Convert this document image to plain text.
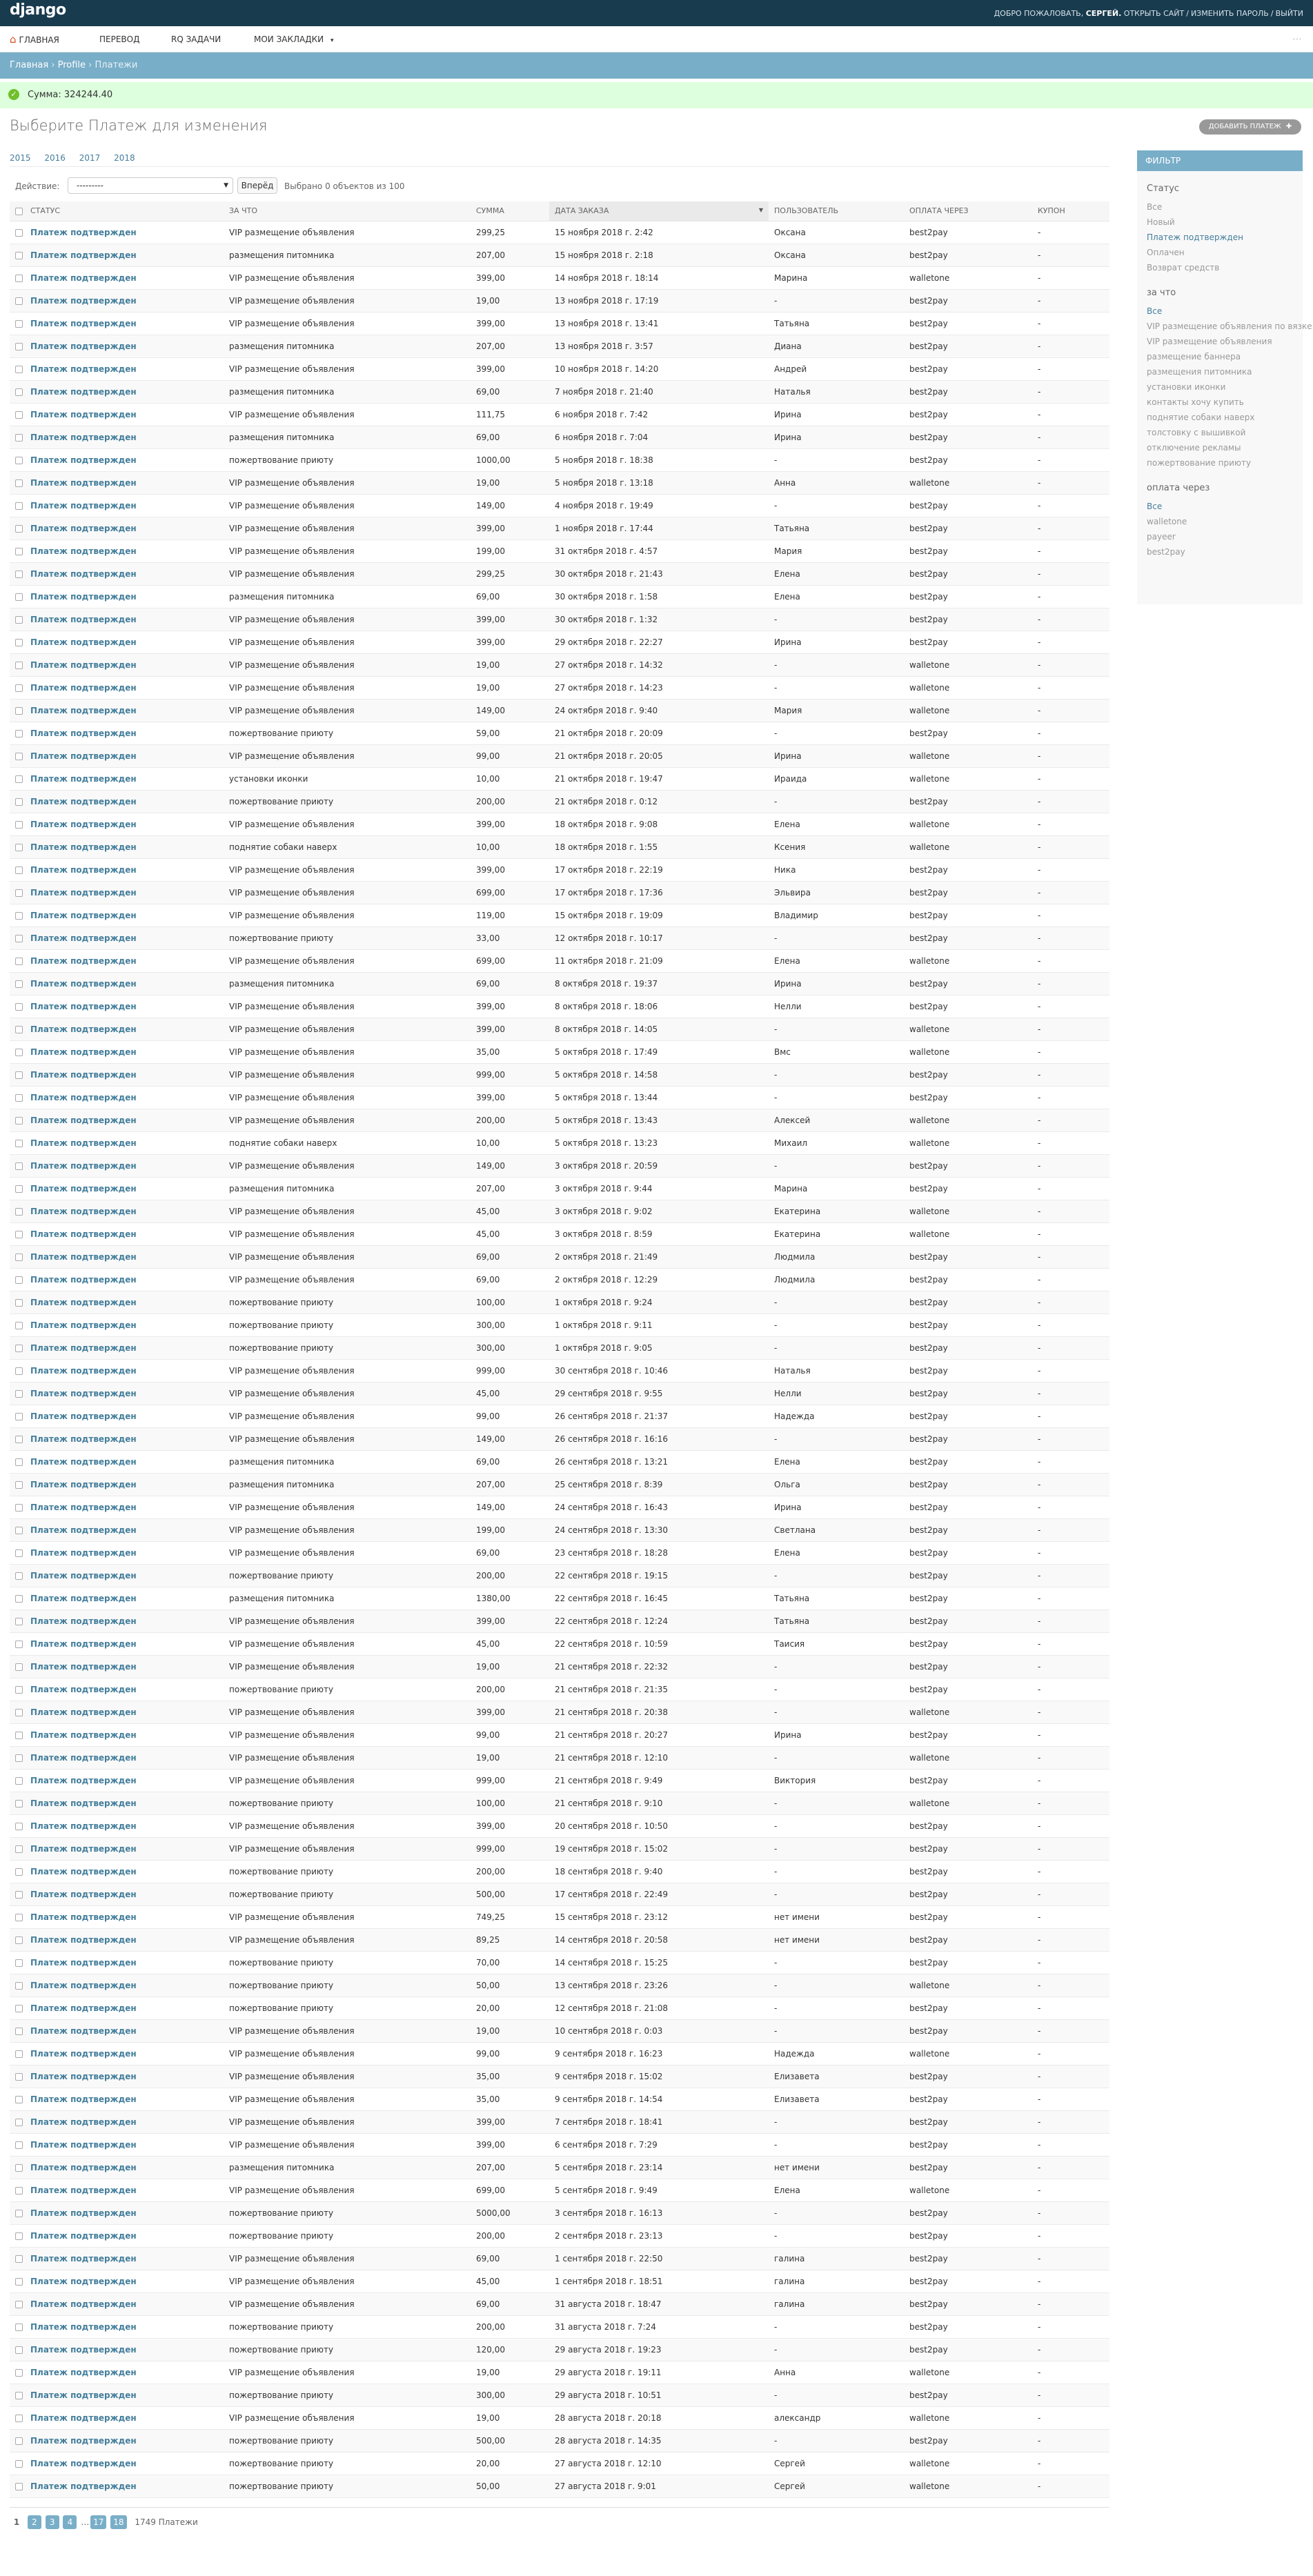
django	ДОБРО ПОЖАЛОВАТЬ, СЕРГЕЙ. ОТКРЫТЬ САЙТ / ИЗМЕНИТЬ ПАРОЛЬ / ВЫЙТИ
⌂ ГЛАВНАЯ	ПЕРЕВОД	RQ ЗАДАЧИ	МОИ ЗАКЛАДКИ ▾	⋯
Главная › Profile › Платежи
✓ Сумма: 324244.40
Выберите Платеж для изменения	ДОБАВИТЬ ПЛАТЕЖ ✚
2015 2016 2017 2018
Действие:	---------	▼	Вперёд	Выбрано 0 объектов из 100
	СТАТУС	ЗА ЧТО	СУММА	ДАТА ЗАКАЗА ▼	ПОЛЬЗОВАТЕЛЬ	ОПЛАТА ЧЕРЕЗ	КУПОН
	Платеж подтвержден	VIP размещение объявления	299,25	15 ноября 2018 г. 2:42	Оксана	best2pay	-
	Платеж подтвержден	размещения питомника	207,00	15 ноября 2018 г. 2:18	Оксана	best2pay	-
	Платеж подтвержден	VIP размещение объявления	399,00	14 ноября 2018 г. 18:14	Марина	walletone	-
	Платеж подтвержден	VIP размещение объявления	19,00	13 ноября 2018 г. 17:19	-	best2pay	-
	Платеж подтвержден	VIP размещение объявления	399,00	13 ноября 2018 г. 13:41	Татьяна	best2pay	-
	Платеж подтвержден	размещения питомника	207,00	13 ноября 2018 г. 3:57	Диана	best2pay	-
	Платеж подтвержден	VIP размещение объявления	399,00	10 ноября 2018 г. 14:20	Андрей	best2pay	-
	Платеж подтвержден	размещения питомника	69,00	7 ноября 2018 г. 21:40	Наталья	best2pay	-
	Платеж подтвержден	VIP размещение объявления	111,75	6 ноября 2018 г. 7:42	Ирина	best2pay	-
	Платеж подтвержден	размещения питомника	69,00	6 ноября 2018 г. 7:04	Ирина	best2pay	-
	Платеж подтвержден	пожертвование приюту	1000,00	5 ноября 2018 г. 18:38	-	best2pay	-
	Платеж подтвержден	VIP размещение объявления	19,00	5 ноября 2018 г. 13:18	Анна	walletone	-
	Платеж подтвержден	VIP размещение объявления	149,00	4 ноября 2018 г. 19:49	-	best2pay	-
	Платеж подтвержден	VIP размещение объявления	399,00	1 ноября 2018 г. 17:44	Татьяна	best2pay	-
	Платеж подтвержден	VIP размещение объявления	199,00	31 октября 2018 г. 4:57	Мария	best2pay	-
	Платеж подтвержден	VIP размещение объявления	299,25	30 октября 2018 г. 21:43	Елена	best2pay	-
	Платеж подтвержден	размещения питомника	69,00	30 октября 2018 г. 1:58	Елена	best2pay	-
	Платеж подтвержден	VIP размещение объявления	399,00	30 октября 2018 г. 1:32	-	best2pay	-
	Платеж подтвержден	VIP размещение объявления	399,00	29 октября 2018 г. 22:27	Ирина	best2pay	-
	Платеж подтвержден	VIP размещение объявления	19,00	27 октября 2018 г. 14:32	-	walletone	-
	Платеж подтвержден	VIP размещение объявления	19,00	27 октября 2018 г. 14:23	-	walletone	-
	Платеж подтвержден	VIP размещение объявления	149,00	24 октября 2018 г. 9:40	Мария	walletone	-
	Платеж подтвержден	пожертвование приюту	59,00	21 октября 2018 г. 20:09	-	best2pay	-
	Платеж подтвержден	VIP размещение объявления	99,00	21 октября 2018 г. 20:05	Ирина	walletone	-
	Платеж подтвержден	установки иконки	10,00	21 октября 2018 г. 19:47	Ираида	walletone	-
	Платеж подтвержден	пожертвование приюту	200,00	21 октября 2018 г. 0:12	-	best2pay	-
	Платеж подтвержден	VIP размещение объявления	399,00	18 октября 2018 г. 9:08	Елена	walletone	-
	Платеж подтвержден	поднятие собаки наверх	10,00	18 октября 2018 г. 1:55	Ксения	walletone	-
	Платеж подтвержден	VIP размещение объявления	399,00	17 октября 2018 г. 22:19	Ника	best2pay	-
	Платеж подтвержден	VIP размещение объявления	699,00	17 октября 2018 г. 17:36	Эльвира	best2pay	-
	Платеж подтвержден	VIP размещение объявления	119,00	15 октября 2018 г. 19:09	Владимир	best2pay	-
	Платеж подтвержден	пожертвование приюту	33,00	12 октября 2018 г. 10:17	-	best2pay	-
	Платеж подтвержден	VIP размещение объявления	699,00	11 октября 2018 г. 21:09	Елена	walletone	-
	Платеж подтвержден	размещения питомника	69,00	8 октября 2018 г. 19:37	Ирина	best2pay	-
	Платеж подтвержден	VIP размещение объявления	399,00	8 октября 2018 г. 18:06	Нелли	best2pay	-
	Платеж подтвержден	VIP размещение объявления	399,00	8 октября 2018 г. 14:05	-	walletone	-
	Платеж подтвержден	VIP размещение объявления	35,00	5 октября 2018 г. 17:49	Вмс	walletone	-
	Платеж подтвержден	VIP размещение объявления	999,00	5 октября 2018 г. 14:58	-	best2pay	-
	Платеж подтвержден	VIP размещение объявления	399,00	5 октября 2018 г. 13:44	-	best2pay	-
	Платеж подтвержден	VIP размещение объявления	200,00	5 октября 2018 г. 13:43	Алексей	walletone	-
	Платеж подтвержден	поднятие собаки наверх	10,00	5 октября 2018 г. 13:23	Михаил	walletone	-
	Платеж подтвержден	VIP размещение объявления	149,00	3 октября 2018 г. 20:59	-	best2pay	-
	Платеж подтвержден	размещения питомника	207,00	3 октября 2018 г. 9:44	Марина	best2pay	-
	Платеж подтвержден	VIP размещение объявления	45,00	3 октября 2018 г. 9:02	Екатерина	walletone	-
	Платеж подтвержден	VIP размещение объявления	45,00	3 октября 2018 г. 8:59	Екатерина	walletone	-
	Платеж подтвержден	VIP размещение объявления	69,00	2 октября 2018 г. 21:49	Людмила	best2pay	-
	Платеж подтвержден	VIP размещение объявления	69,00	2 октября 2018 г. 12:29	Людмила	best2pay	-
	Платеж подтвержден	пожертвование приюту	100,00	1 октября 2018 г. 9:24	-	best2pay	-
	Платеж подтвержден	пожертвование приюту	300,00	1 октября 2018 г. 9:11	-	best2pay	-
	Платеж подтвержден	пожертвование приюту	300,00	1 октября 2018 г. 9:05	-	best2pay	-
	Платеж подтвержден	VIP размещение объявления	999,00	30 сентября 2018 г. 10:46	Наталья	best2pay	-
	Платеж подтвержден	VIP размещение объявления	45,00	29 сентября 2018 г. 9:55	Нелли	best2pay	-
	Платеж подтвержден	VIP размещение объявления	99,00	26 сентября 2018 г. 21:37	Надежда	best2pay	-
	Платеж подтвержден	VIP размещение объявления	149,00	26 сентября 2018 г. 16:16	-	best2pay	-
	Платеж подтвержден	размещения питомника	69,00	26 сентября 2018 г. 13:21	Елена	best2pay	-
	Платеж подтвержден	размещения питомника	207,00	25 сентября 2018 г. 8:39	Ольга	best2pay	-
	Платеж подтвержден	VIP размещение объявления	149,00	24 сентября 2018 г. 16:43	Ирина	best2pay	-
	Платеж подтвержден	VIP размещение объявления	199,00	24 сентября 2018 г. 13:30	Светлана	best2pay	-
	Платеж подтвержден	VIP размещение объявления	69,00	23 сентября 2018 г. 18:28	Елена	best2pay	-
	Платеж подтвержден	пожертвование приюту	200,00	22 сентября 2018 г. 19:15	-	best2pay	-
	Платеж подтвержден	размещения питомника	1380,00	22 сентября 2018 г. 16:45	Татьяна	best2pay	-
	Платеж подтвержден	VIP размещение объявления	399,00	22 сентября 2018 г. 12:24	Татьяна	best2pay	-
	Платеж подтвержден	VIP размещение объявления	45,00	22 сентября 2018 г. 10:59	Таисия	best2pay	-
	Платеж подтвержден	VIP размещение объявления	19,00	21 сентября 2018 г. 22:32	-	best2pay	-
	Платеж подтвержден	пожертвование приюту	200,00	21 сентября 2018 г. 21:35	-	best2pay	-
	Платеж подтвержден	VIP размещение объявления	399,00	21 сентября 2018 г. 20:38	-	walletone	-
	Платеж подтвержден	VIP размещение объявления	99,00	21 сентября 2018 г. 20:27	Ирина	best2pay	-
	Платеж подтвержден	VIP размещение объявления	19,00	21 сентября 2018 г. 12:10	-	walletone	-
	Платеж подтвержден	VIP размещение объявления	999,00	21 сентября 2018 г. 9:49	Виктория	best2pay	-
	Платеж подтвержден	пожертвование приюту	100,00	21 сентября 2018 г. 9:10	-	walletone	-
	Платеж подтвержден	VIP размещение объявления	399,00	20 сентября 2018 г. 10:50	-	best2pay	-
	Платеж подтвержден	VIP размещение объявления	999,00	19 сентября 2018 г. 15:02	-	best2pay	-
	Платеж подтвержден	пожертвование приюту	200,00	18 сентября 2018 г. 9:40	-	best2pay	-
	Платеж подтвержден	пожертвование приюту	500,00	17 сентября 2018 г. 22:49	-	best2pay	-
	Платеж подтвержден	VIP размещение объявления	749,25	15 сентября 2018 г. 23:12	нет имени	best2pay	-
	Платеж подтвержден	VIP размещение объявления	89,25	14 сентября 2018 г. 20:58	нет имени	best2pay	-
	Платеж подтвержден	пожертвование приюту	70,00	14 сентября 2018 г. 15:25	-	best2pay	-
	Платеж подтвержден	пожертвование приюту	50,00	13 сентября 2018 г. 23:26	-	walletone	-
	Платеж подтвержден	пожертвование приюту	20,00	12 сентября 2018 г. 21:08	-	best2pay	-
	Платеж подтвержден	VIP размещение объявления	19,00	10 сентября 2018 г. 0:03	-	best2pay	-
	Платеж подтвержден	VIP размещение объявления	99,00	9 сентября 2018 г. 16:23	Надежда	walletone	-
	Платеж подтвержден	VIP размещение объявления	35,00	9 сентября 2018 г. 15:02	Елизавета	best2pay	-
	Платеж подтвержден	VIP размещение объявления	35,00	9 сентября 2018 г. 14:54	Елизавета	best2pay	-
	Платеж подтвержден	VIP размещение объявления	399,00	7 сентября 2018 г. 18:41	-	best2pay	-
	Платеж подтвержден	VIP размещение объявления	399,00	6 сентября 2018 г. 7:29	-	best2pay	-
	Платеж подтвержден	размещения питомника	207,00	5 сентября 2018 г. 23:14	нет имени	best2pay	-
	Платеж подтвержден	VIP размещение объявления	699,00	5 сентября 2018 г. 9:49	Елена	walletone	-
	Платеж подтвержден	пожертвование приюту	5000,00	3 сентября 2018 г. 16:13	-	best2pay	-
	Платеж подтвержден	пожертвование приюту	200,00	2 сентября 2018 г. 23:13	-	best2pay	-
	Платеж подтвержден	VIP размещение объявления	69,00	1 сентября 2018 г. 22:50	галина	best2pay	-
	Платеж подтвержден	VIP размещение объявления	45,00	1 сентября 2018 г. 18:51	галина	best2pay	-
	Платеж подтвержден	VIP размещение объявления	69,00	31 августа 2018 г. 18:47	галина	best2pay	-
	Платеж подтвержден	пожертвование приюту	200,00	31 августа 2018 г. 7:24	-	best2pay	-
	Платеж подтвержден	пожертвование приюту	120,00	29 августа 2018 г. 19:23	-	best2pay	-
	Платеж подтвержден	VIP размещение объявления	19,00	29 августа 2018 г. 19:11	Анна	walletone	-
	Платеж подтвержден	пожертвование приюту	300,00	29 августа 2018 г. 10:51	-	best2pay	-
	Платеж подтвержден	VIP размещение объявления	19,00	28 августа 2018 г. 20:18	александр	walletone	-
	Платеж подтвержден	пожертвование приюту	500,00	28 августа 2018 г. 14:35	-	best2pay	-
	Платеж подтвержден	пожертвование приюту	20,00	27 августа 2018 г. 12:10	Сергей	walletone	-
	Платеж подтвержден	пожертвование приюту	50,00	27 августа 2018 г. 9:01	Сергей	walletone	-
1 2 3 4 … 17 18 1749 Платежи
ФИЛЬТР
Статус
Все
Новый
Платеж подтвержден
Оплачен
Возврат средств
за что
Все
VIP размещение объявления по вязке
VIP размещение объявления
размещение баннера
размещения питомника
установки иконки
контакты хочу купить
поднятие собаки наверх
толстовку с вышивкой
отключение рекламы
пожертвование приюту
оплата через
Все
walletone
payeer
best2pay
